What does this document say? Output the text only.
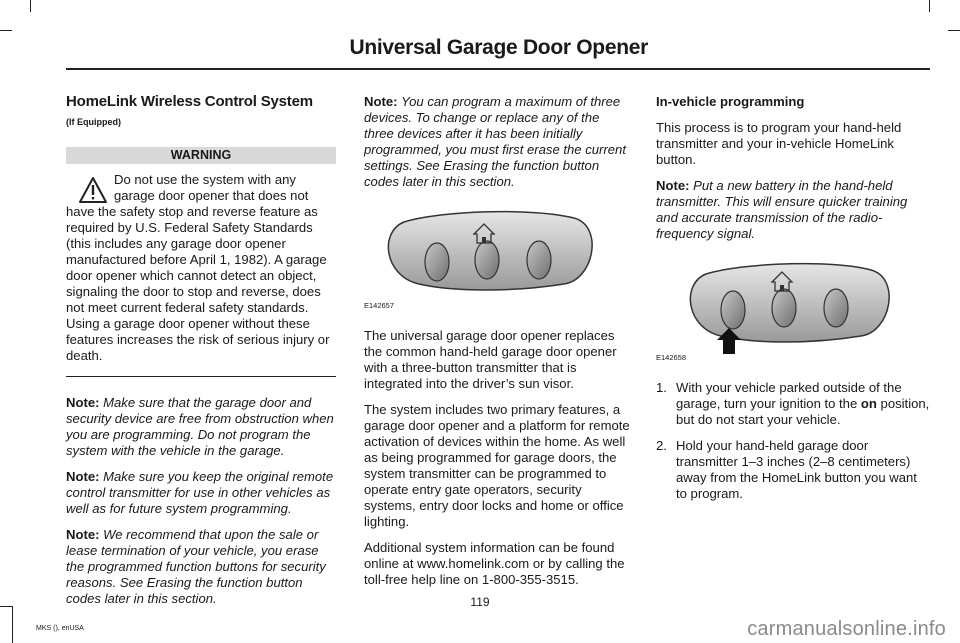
Universal Garage Door Opener
HomeLink Wireless Control System
(If Equipped)
WARNING
Do not use the system with any garage door opener that does not have the safety stop and reverse feature as required by U.S. Federal Safety Standards (this includes any garage door opener manufactured before April 1, 1982). A garage door opener which cannot detect an object, signaling the door to stop and reverse, does not meet current federal safety standards. Using a garage door opener without these features increases the risk of serious injury or death.

Note: Make sure that the garage door and security device are free from obstruction when you are programming. Do not program the system with the vehicle in the garage.

Note: Make sure you keep the original remote control transmitter for use in other vehicles as well as for future system programming.

Note: We recommend that upon the sale or lease termination of your vehicle, you erase the programmed function buttons for security reasons. See Erasing the function button codes later in this section.

Note: You can program a maximum of three devices. To change or replace any of the three devices after it has been initially programmed, you must first erase the current settings. See Erasing the function button codes later in this section.

E142657

The universal garage door opener replaces the common hand-held garage door opener with a three-button transmitter that is integrated into the driver’s sun visor.

The system includes two primary features, a garage door opener and a platform for remote activation of devices within the home. As well as being programmed for garage doors, the system transmitter can be programmed to operate entry gate operators, security systems, entry door locks and home or office lighting.

Additional system information can be found online at www.homelink.com or by calling the toll-free help line on 1-800-355-3515.

In-vehicle programming

This process is to program your hand-held transmitter and your in-vehicle HomeLink button.

Note: Put a new battery in the hand-held transmitter. This will ensure quicker training and accurate transmission of the radio-frequency signal.

E142658
1. With your vehicle parked outside of the garage, turn your ignition to the on position, but do not start your vehicle.
2. Hold your hand-held garage door transmitter 1–3 inches (2–8 centimeters) away from the HomeLink button you want to program.
119
MKS (), enUSA	carmanualsonline.info
